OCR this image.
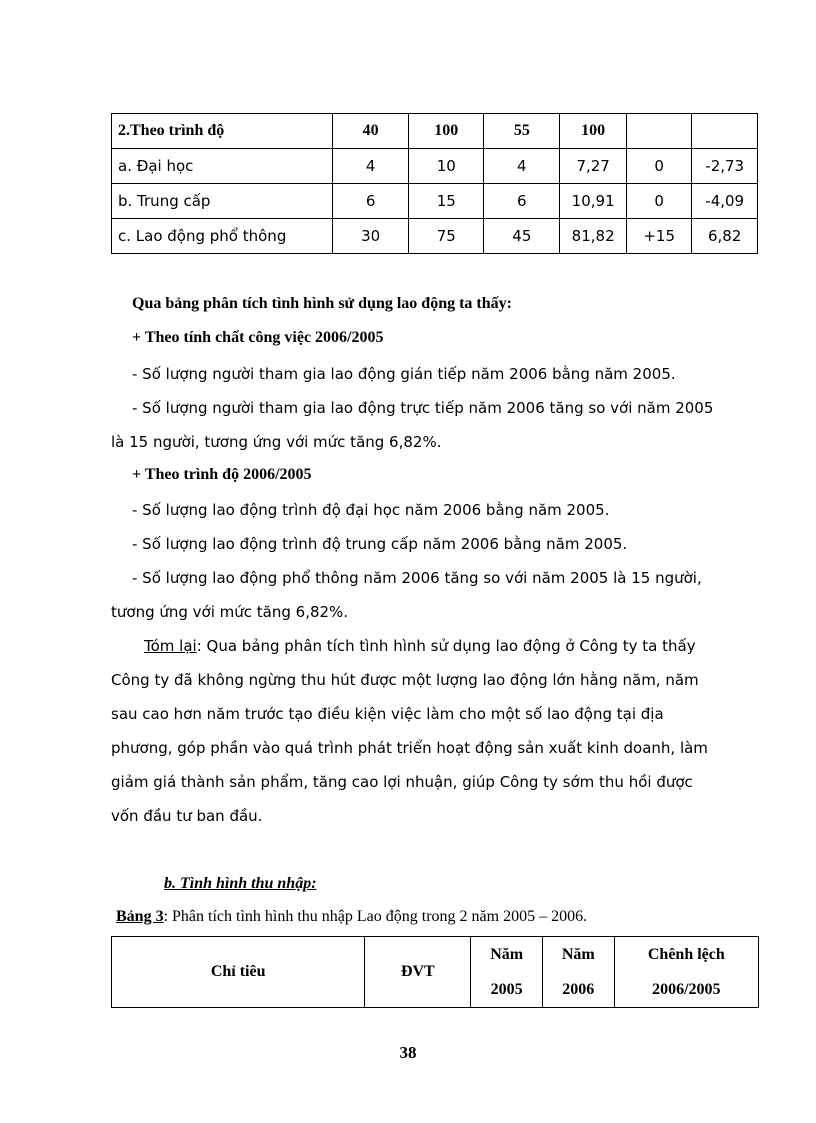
2.Theo trình độ	40	100	55	100		
a. Đại học	4	10	4	7,27	0	-2,73
b. Trung cấp	6	15	6	10,91	0	-4,09
c. Lao động phổ thông	30	75	45	81,82	+15	6,82
Qua bảng phân tích tình hình sử dụng lao động ta thấy:
+ Theo tính chất công việc 2006/2005
- Số lượng người tham gia lao động gián tiếp năm 2006 bằng năm 2005.
- Số lượng người tham gia lao động trực tiếp năm 2006 tăng so với năm 2005
là 15 người, tương ứng với mức tăng 6,82%.
+ Theo trình độ 2006/2005
- Số lượng lao động trình độ đại học năm 2006 bằng năm 2005.
- Số lượng lao động trình độ trung cấp năm 2006 bằng năm 2005.
- Số lượng lao động phổ thông năm 2006 tăng so với năm 2005 là 15 người,
tương ứng với mức tăng 6,82%.
Tóm lại: Qua bảng phân tích tình hình sử dụng lao động ở Công ty ta thấy
Công ty đã không ngừng thu hút được một lượng lao động lớn hằng năm, năm
sau cao hơn năm trước tạo điều kiện việc làm cho một số lao động tại địa
phương, góp phần vào quá trình phát triển hoạt động sản xuất kinh doanh, làm
giảm giá thành sản phẩm, tăng cao lợi nhuận, giúp Công ty sớm thu hồi được
vốn đầu tư ban đầu.
b. Tình hình thu nhập:
Bảng 3: Phân tích tình hình thu nhập Lao động trong 2 năm 2005 – 2006.
Chỉ tiêu	ĐVT	Năm	Năm	Chênh lệch
		2005	2006	2006/2005
38
